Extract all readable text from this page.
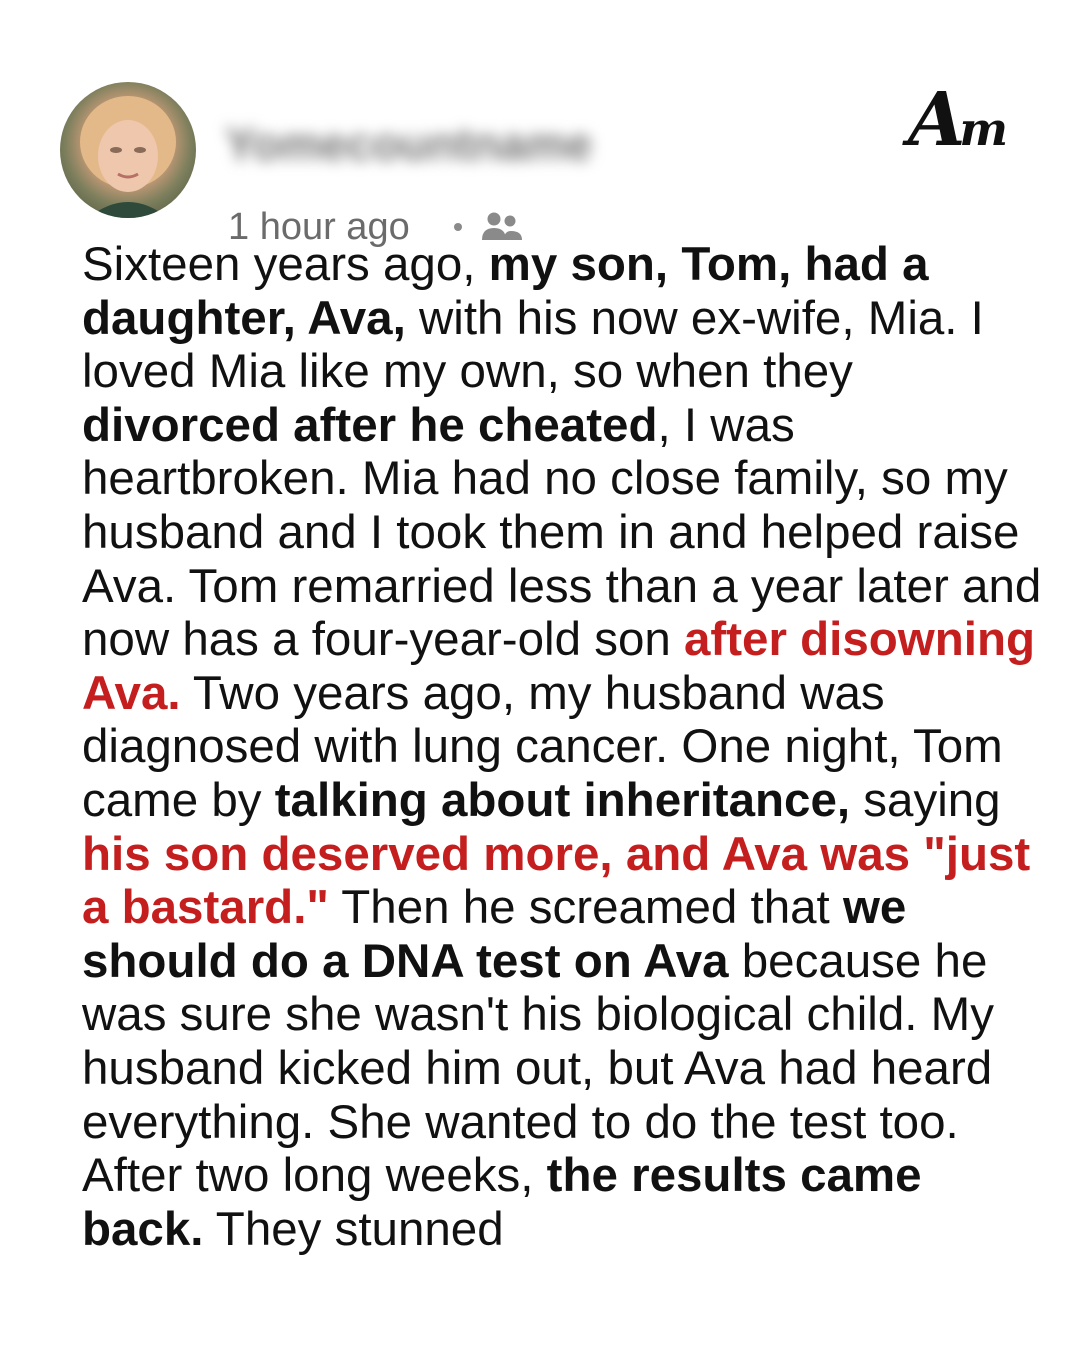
Yomecountname
1 hour ago
Am

Sixteen years ago, my son, Tom, had a daughter, Ava, with his now ex-wife, Mia. I loved Mia like my own, so when they divorced after he cheated, I was heartbroken. Mia had no close family, so my husband and I took them in and helped raise Ava. Tom remarried less than a year later and now has a four-year-old son after disowning Ava. Two years ago, my husband was diagnosed with lung cancer. One night, Tom came by talking about inheritance, saying his son deserved more, and Ava was "just a bastard." Then he screamed that we should do a DNA test on Ava because he was sure she wasn't his biological child. My husband kicked him out, but Ava had heard everything. She wanted to do the test too. After two long weeks, the results came back. They stunned
